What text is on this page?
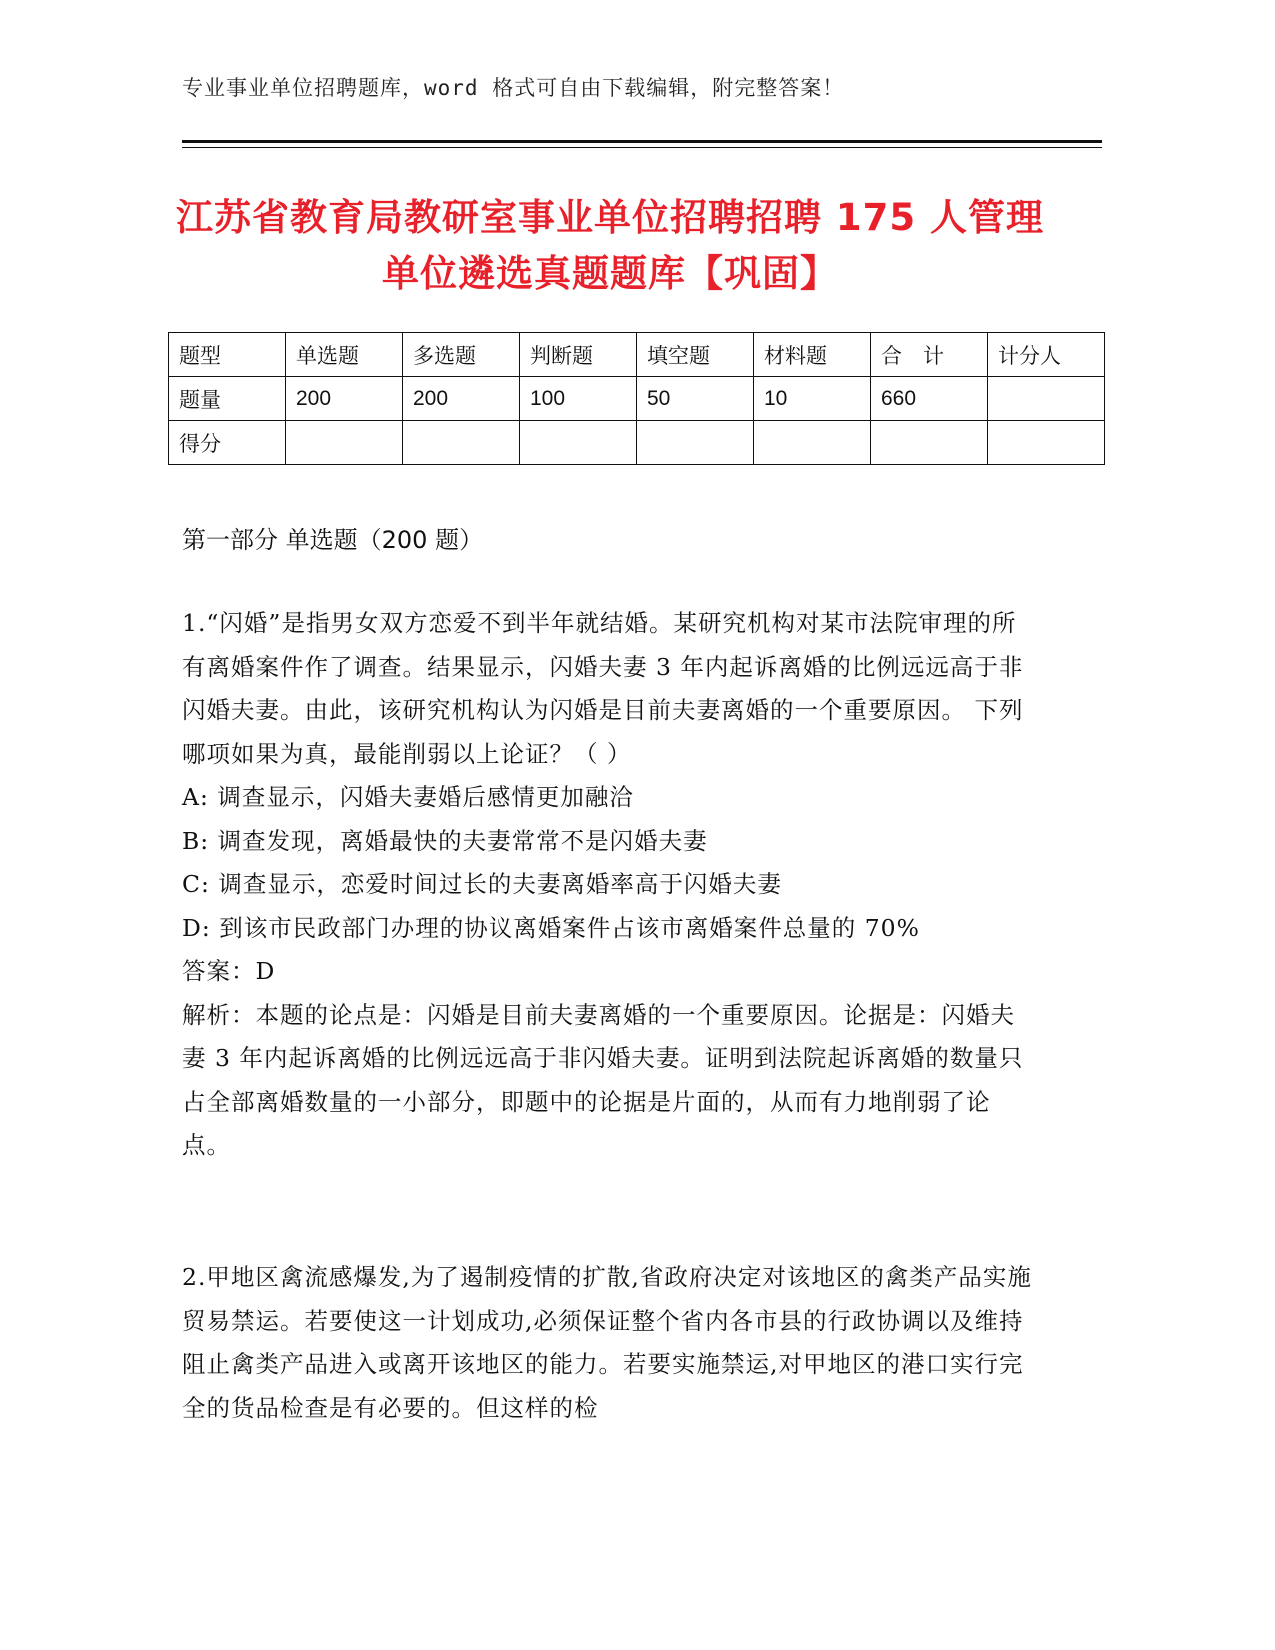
专业事业单位招聘题库，word 格式可自由下载编辑，附完整答案！
江苏省教育局教研室事业单位招聘招聘 175 人管理单位遴选真题题库【巩固】
题型	单选题	多选题	判断题	填空题	材料题	合　计	计分人
题量	200	200	100	50	10	660	
得分							
第一部分 单选题（200 题）

1.“闪婚”是指男女双方恋爱不到半年就结婚。某研究机构对某市法院审理的所有离婚案件作了调查。结果显示，闪婚夫妻 3 年内起诉离婚的比例远远高于非闪婚夫妻。由此，该研究机构认为闪婚是目前夫妻离婚的一个重要原因。 下列哪项如果为真，最能削弱以上论证？（ ）

A: 调查显示，闪婚夫妻婚后感情更加融洽

B: 调查发现，离婚最快的夫妻常常不是闪婚夫妻

C: 调查显示，恋爱时间过长的夫妻离婚率高于闪婚夫妻

D: 到该市民政部门办理的协议离婚案件占该市离婚案件总量的 70%

答案：D

解析：本题的论点是：闪婚是目前夫妻离婚的一个重要原因。论据是：闪婚夫妻 3 年内起诉离婚的比例远远高于非闪婚夫妻。证明到法院起诉离婚的数量只占全部离婚数量的一小部分，即题中的论据是片面的，从而有力地削弱了论点。

2.甲地区禽流感爆发,为了遏制疫情的扩散,省政府决定对该地区的禽类产品实施贸易禁运。若要使这一计划成功,必须保证整个省内各市县的行政协调以及维持阻止禽类产品进入或离开该地区的能力。若要实施禁运,对甲地区的港口实行完全的货品检查是有必要的。但这样的检
